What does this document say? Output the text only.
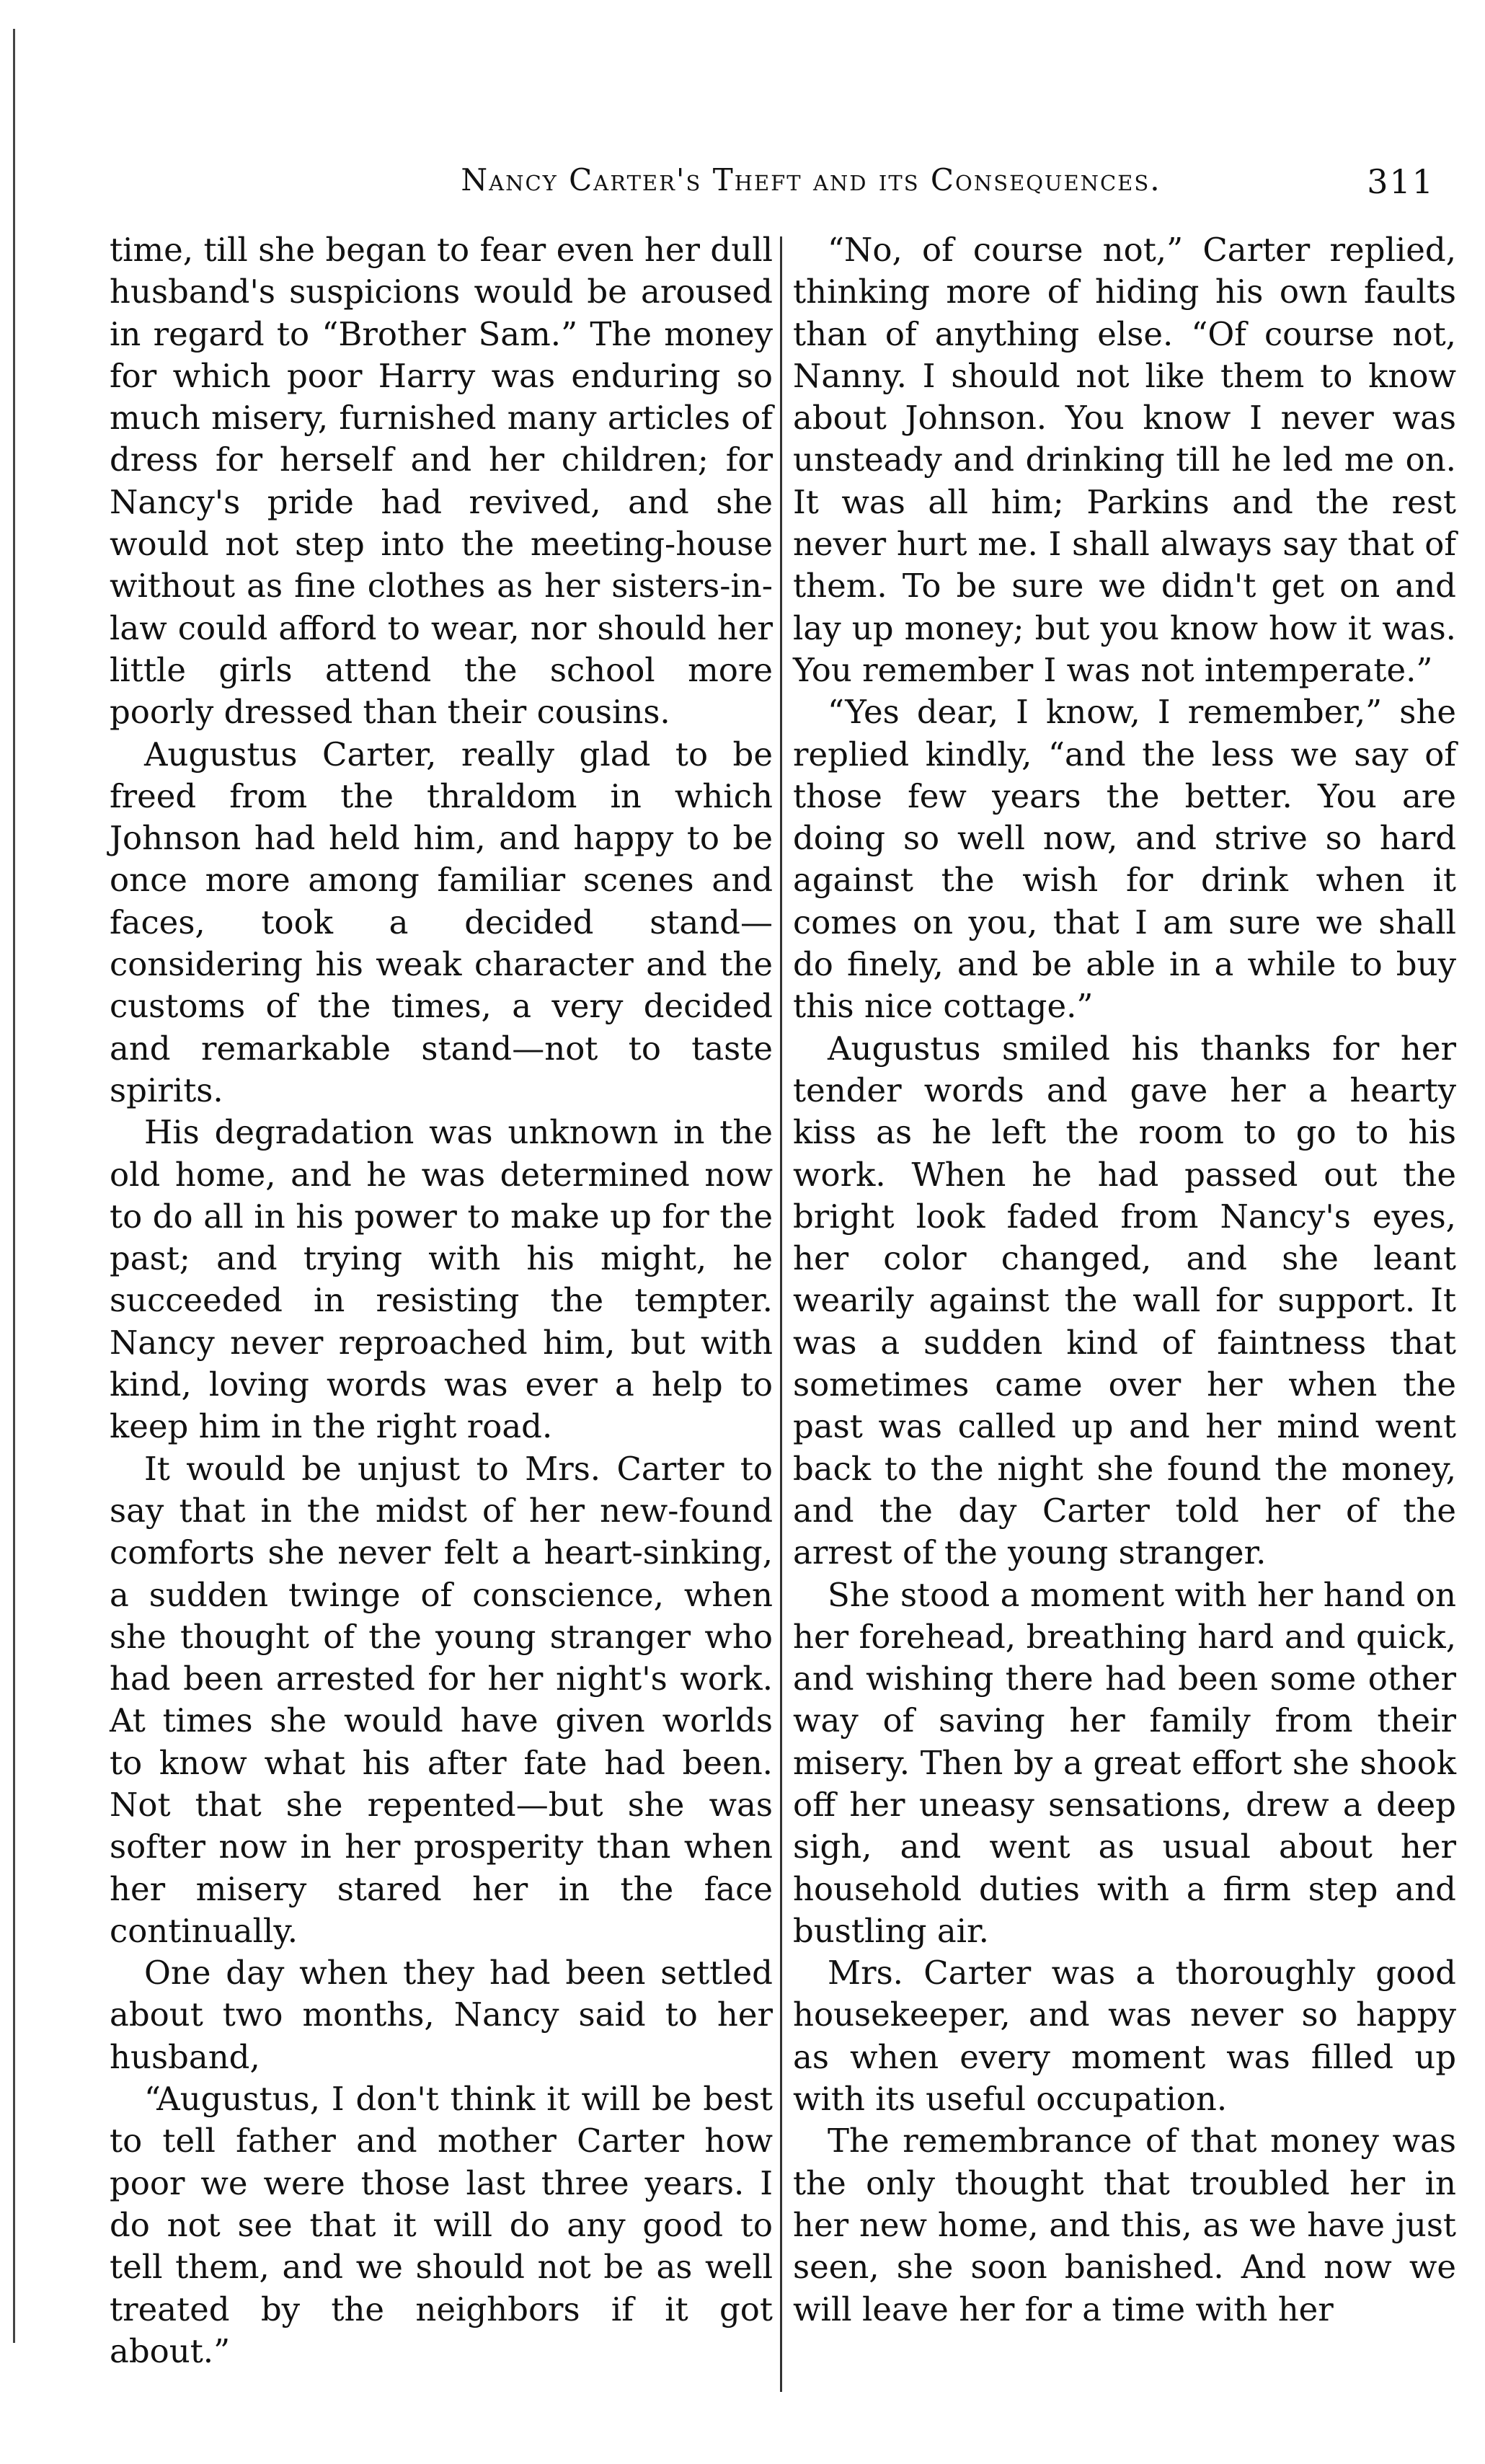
Nancy Carter's Theft and its Consequences.	311

time, till she began to fear even her dull husband's suspicions would be aroused in regard to “Brother Sam.” The money for which poor Harry was enduring so much misery, furnished many articles of dress for herself and her children; for Nancy's pride had revived, and she would not step into the meeting-house without as fine clothes as her sisters-in-law could afford to wear, nor should her little girls attend the school more poorly dressed than their cousins.

Augustus Carter, really glad to be freed from the thraldom in which Johnson had held him, and happy to be once more among familiar scenes and faces, took a decided stand—considering his weak character and the customs of the times, a very decided and remarkable stand—not to taste spirits.

His degradation was unknown in the old home, and he was determined now to do all in his power to make up for the past; and trying with his might, he succeeded in resisting the tempter. Nancy never reproached him, but with kind, loving words was ever a help to keep him in the right road.

It would be unjust to Mrs. Carter to say that in the midst of her new-found comforts she never felt a heart-sinking, a sudden twinge of conscience, when she thought of the young stranger who had been arrested for her night's work. At times she would have given worlds to know what his after fate had been. Not that she repented—but she was softer now in her prosperity than when her misery stared her in the face continually.

One day when they had been settled about two months, Nancy said to her husband,

“Augustus, I don't think it will be best to tell father and mother Carter how poor we were those last three years. I do not see that it will do any good to tell them, and we should not be as well treated by the neighbors if it got about.”

“No, of course not,” Carter replied, thinking more of hiding his own faults than of anything else. “Of course not, Nanny. I should not like them to know about Johnson. You know I never was unsteady and drinking till he led me on. It was all him; Parkins and the rest never hurt me. I shall always say that of them. To be sure we didn't get on and lay up money; but you know how it was. You remember I was not intemperate.”

“Yes dear, I know, I remember,” she replied kindly, “and the less we say of those few years the better. You are doing so well now, and strive so hard against the wish for drink when it comes on you, that I am sure we shall do finely, and be able in a while to buy this nice cottage.”

Augustus smiled his thanks for her tender words and gave her a hearty kiss as he left the room to go to his work. When he had passed out the bright look faded from Nancy's eyes, her color changed, and she leant wearily against the wall for support. It was a sudden kind of faintness that sometimes came over her when the past was called up and her mind went back to the night she found the money, and the day Carter told her of the arrest of the young stranger.

She stood a moment with her hand on her forehead, breathing hard and quick, and wishing there had been some other way of saving her family from their misery. Then by a great effort she shook off her uneasy sensations, drew a deep sigh, and went as usual about her household duties with a firm step and bustling air.

Mrs. Carter was a thoroughly good housekeeper, and was never so happy as when every moment was filled up with its useful occupation.

The remembrance of that money was the only thought that troubled her in her new home, and this, as we have just seen, she soon banished. And now we will leave her for a time with her
